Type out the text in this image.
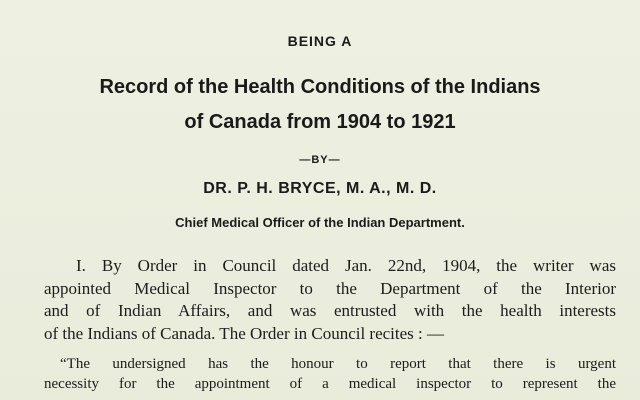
BEING A
Record of the Health Conditions of the Indians
of Canada from 1904 to 1921
—BY—
DR. P. H. BRYCE, M. A., M. D.
Chief Medical Officer of the Indian Department.
I. By Order in Council dated Jan. 22nd, 1904, the writer was
appointed Medical Inspector to the Department of the Interior
and of Indian Affairs, and was entrusted with the health interests
of the Indians of Canada. The Order in Council recites : —
“The undersigned has the honour to report that there is urgent
necessity for the appointment of a medical inspector to represent the
